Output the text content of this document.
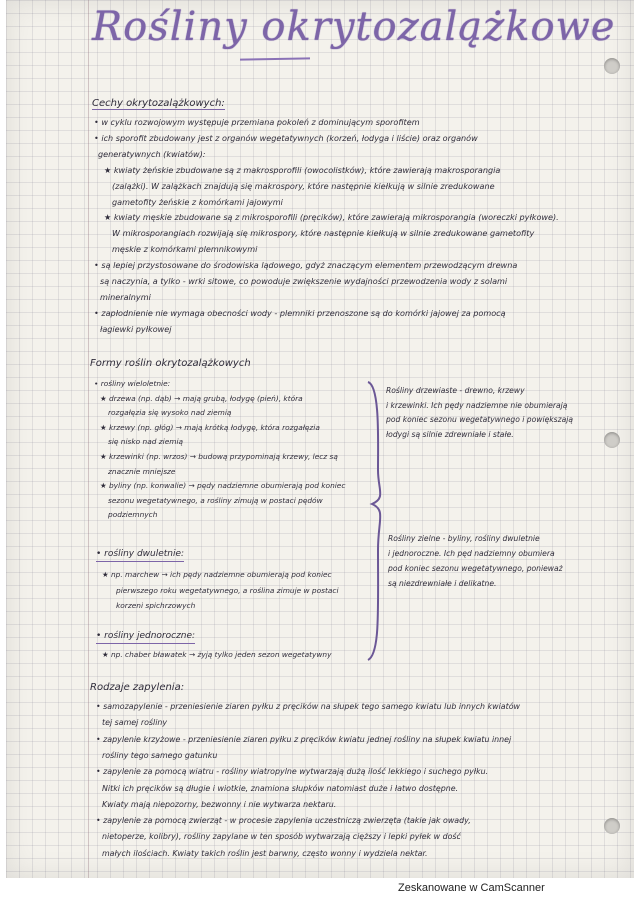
Rośliny okrytozalążkowe
Cechy okrytozalążkowych:
• w cyklu rozwojowym występuje przemiana pokoleń z dominującym sporofitem
• ich sporofit zbudowany jest z organów wegetatywnych (korzeń, łodyga i liście) oraz organów
generatywnych (kwiatów):
★ kwiaty żeńskie zbudowane są z makrosporofili (owocolistków), które zawierają makrosporangia
(zalążki). W zalążkach znajdują się makrospory, które następnie kiełkują w silnie zredukowane
gametofity żeńskie z komórkami jajowymi
★ kwiaty męskie zbudowane są z mikrosporofili (pręcików), które zawierają mikrosporangia (woreczki pyłkowe).
W mikrosporangiach rozwijają się mikrospory, które następnie kiełkują w silnie zredukowane gametofity
męskie z komórkami plemnikowymi
• są lepiej przystosowane do środowiska lądowego, gdyż znaczącym elementem przewodzącym drewna
są naczynia, a tylko - wrki sitowe, co powoduje zwiększenie wydajności przewodzenia wody z solami
mineralnymi
• zapłodnienie nie wymaga obecności wody - plemniki przenoszone są do komórki jajowej za pomocą
łagiewki pyłkowej
Formy roślin okrytozalążkowych
• rośliny wieloletnie:
★ drzewa (np. dąb) → mają grubą, łodygę (pień), która
rozgałęzia się wysoko nad ziemią
★ krzewy (np. głóg) → mają krótką łodygę, która rozgałęzia
się nisko nad ziemią
★ krzewinki (np. wrzos) → budową przypominają krzewy, lecz są
znacznie mniejsze
★ byliny (np. konwalie) → pędy nadziemne obumierają pod koniec
sezonu wegetatywnego, a rośliny zimują w postaci pędów
podziemnych
Rośliny drzewiaste - drewno, krzewy
i krzewinki. Ich pędy nadziemne nie obumierają
pod koniec sezonu wegetatywnego i powiększają
łodygi są silnie zdrewniałe i stałe.
• rośliny dwuletnie:
★ np. marchew → ich pędy nadziemne obumierają pod koniec
pierwszego roku wegetatywnego, a roślina zimuje w postaci
korzeni spichrzowych
Rośliny zielne - byliny, rośliny dwuletnie
i jednoroczne. Ich pęd nadziemny obumiera
pod koniec sezonu wegetatywnego, ponieważ
są niezdrewniałe i delikatne.
• rośliny jednoroczne:
★ np. chaber bławatek → żyją tylko jeden sezon wegetatywny
Rodzaje zapylenia:
• samozapylenie - przeniesienie ziaren pyłku z pręcików na słupek tego samego kwiatu lub innych kwiatów
tej samej rośliny
• zapylenie krzyżowe - przeniesienie ziaren pyłku z pręcików kwiatu jednej rośliny na słupek kwiatu innej
rośliny tego samego gatunku
• zapylenie za pomocą wiatru - rośliny wiatropylne wytwarzają dużą ilość lekkiego i suchego pyłku.
Nitki ich pręcików są długie i wiotkie, znamiona słupków natomiast duże i łatwo dostępne.
Kwiaty mają niepozorny, bezwonny i nie wytwarza nektaru.
• zapylenie za pomocą zwierząt - w procesie zapylenia uczestniczą zwierzęta (takie jak owady,
nietoperze, kolibry), rośliny zapylane w ten sposób wytwarzają cięższy i lepki pyłek w dość
małych ilościach. Kwiaty takich roślin jest barwny, często wonny i wydziela nektar.
Zeskanowane w CamScanner
